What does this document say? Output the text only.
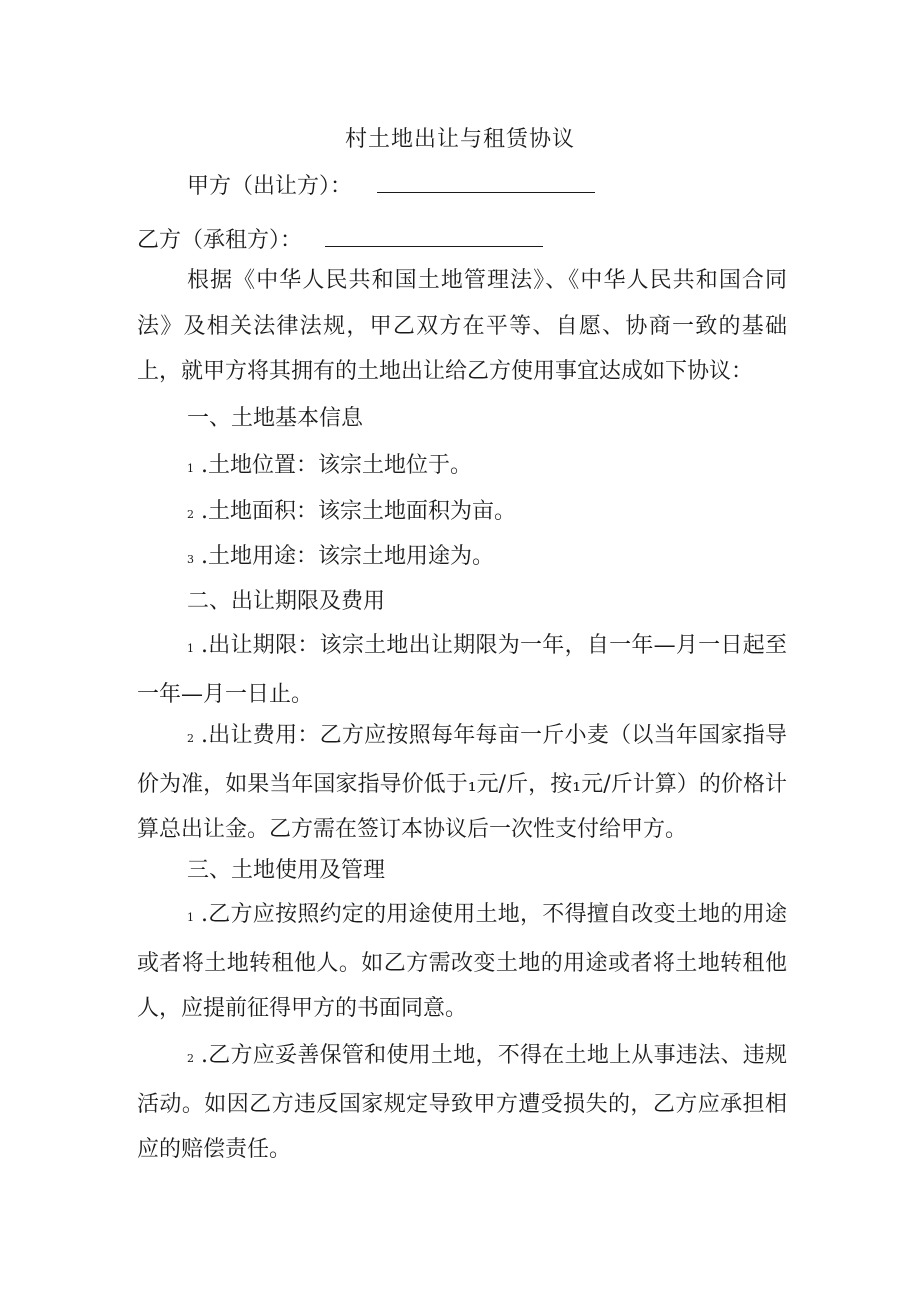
村土地出让与租赁协议
甲方（出让方）：
乙方（承租方）：
根据《中华人民共和国土地管理法》、《中华人民共和国合同法》及相关法律法规，甲乙双方在平等、自愿、协商一致的基础上，就甲方将其拥有的土地出让给乙方使用事宜达成如下协议：
一、土地基本信息
1 .土地位置：该宗土地位于。
2 .土地面积：该宗土地面积为亩。
3 .土地用途：该宗土地用途为。
二、出让期限及费用
1 .出让期限：该宗土地出让期限为一年，自一年—月一日起至一年—月一日止。
2 .出让费用：乙方应按照每年每亩一斤小麦（以当年国家指导价为准，如果当年国家指导价低于₁元/斤，按₁元/斤计算）的价格计算总出让金。乙方需在签订本协议后一次性支付给甲方。
三、土地使用及管理
1 .乙方应按照约定的用途使用土地，不得擅自改变土地的用途或者将土地转租他人。如乙方需改变土地的用途或者将土地转租他人，应提前征得甲方的书面同意。
2 .乙方应妥善保管和使用土地，不得在土地上从事违法、违规活动。如因乙方违反国家规定导致甲方遭受损失的，乙方应承担相应的赔偿责任。
